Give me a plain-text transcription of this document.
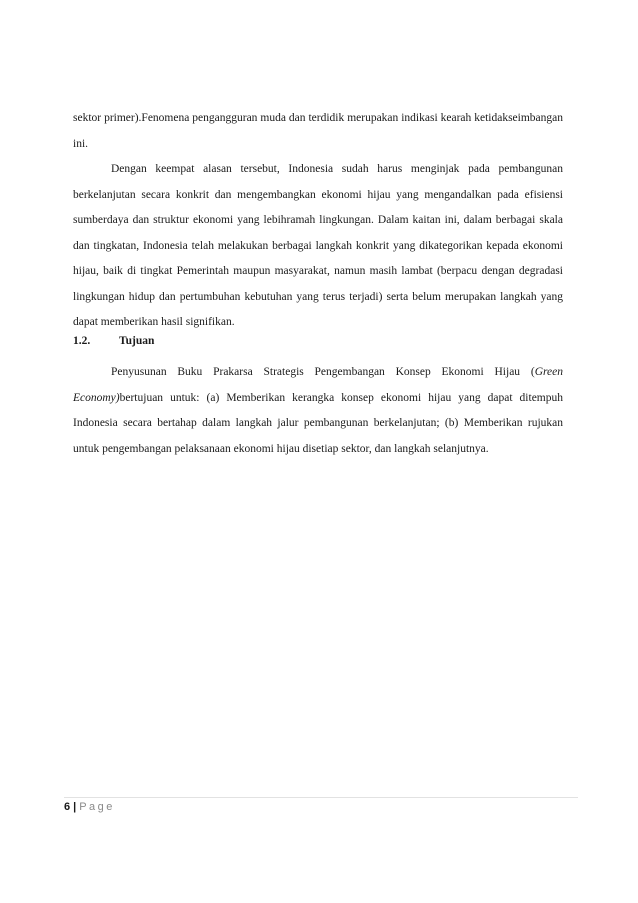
sektor primer).Fenomena pengangguran muda dan terdidik merupakan indikasi kearah ketidakseimbangan ini.

Dengan keempat alasan tersebut, Indonesia sudah harus menginjak pada pembangunan berkelanjutan secara konkrit dan mengembangkan ekonomi hijau yang mengandalkan pada efisiensi sumberdaya dan struktur ekonomi yang lebihramah lingkungan. Dalam kaitan ini, dalam berbagai skala dan tingkatan, Indonesia telah melakukan berbagai langkah konkrit yang dikategorikan kepada ekonomi hijau, baik di tingkat Pemerintah maupun masyarakat, namun masih lambat (berpacu dengan degradasi lingkungan hidup dan pertumbuhan kebutuhan yang terus terjadi) serta belum merupakan langkah yang dapat memberikan hasil signifikan.

1.2.	Tujuan

Penyusunan Buku Prakarsa Strategis Pengembangan Konsep Ekonomi Hijau (Green Economy)bertujuan untuk: (a) Memberikan kerangka konsep ekonomi hijau yang dapat ditempuh Indonesia secara bertahap dalam langkah jalur pembangunan berkelanjutan; (b) Memberikan rujukan untuk pengembangan pelaksanaan ekonomi hijau disetiap sektor, dan langkah selanjutnya.

6 | Page
